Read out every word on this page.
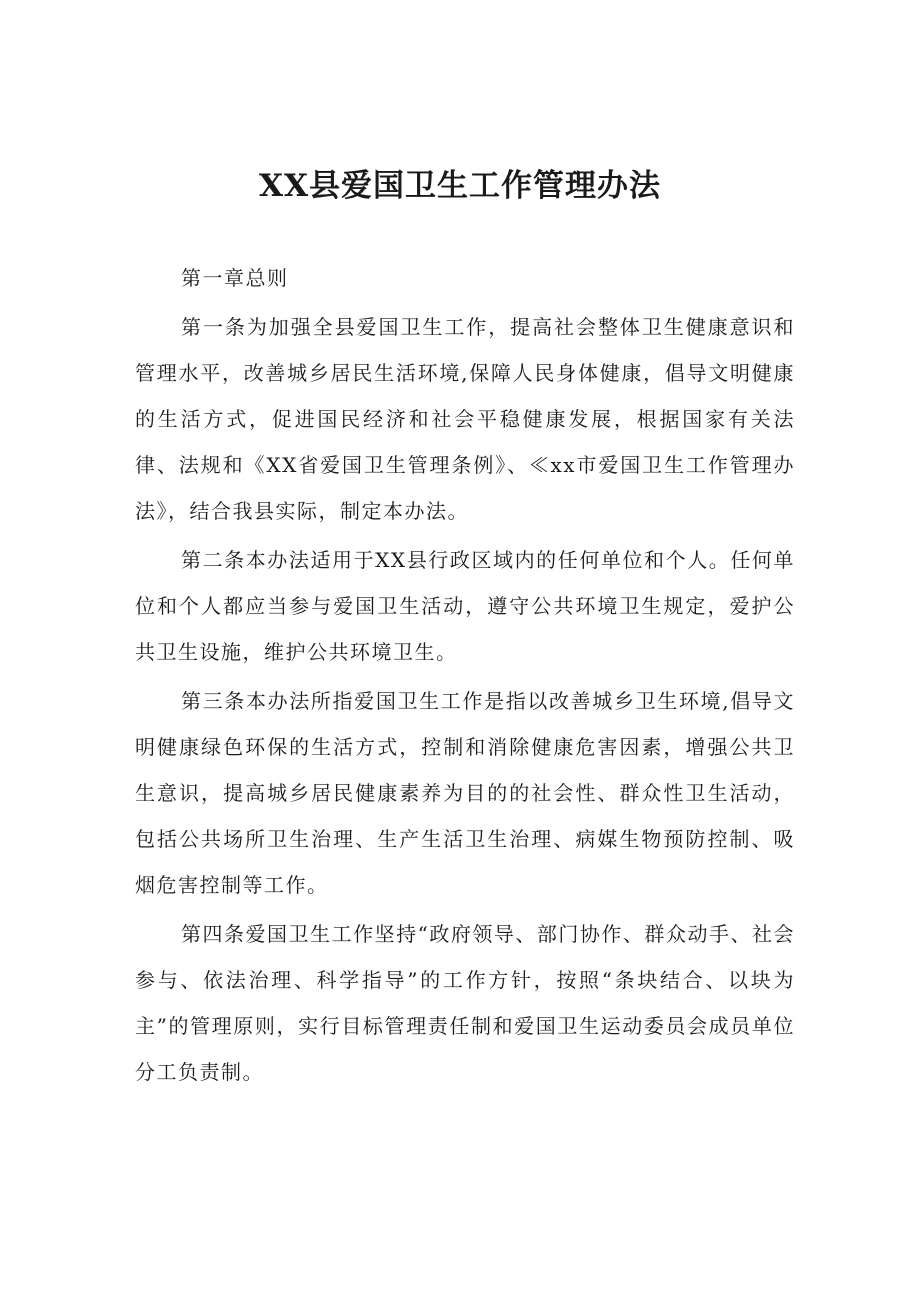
XX县爱国卫生工作管理办法

第一章总则

第一条为加强全县爱国卫生工作，提高社会整体卫生健康意识和管理水平，改善城乡居民生活环境,保障人民身体健康，倡导文明健康的生活方式，促进国民经济和社会平稳健康发展，根据国家有关法律、法规和《XX省爱国卫生管理条例》、≪xx市爱国卫生工作管理办法》，结合我县实际，制定本办法。

第二条本办法适用于XX县行政区域内的任何单位和个人。任何单位和个人都应当参与爱国卫生活动，遵守公共环境卫生规定，爱护公共卫生设施，维护公共环境卫生。

第三条本办法所指爱国卫生工作是指以改善城乡卫生环境,倡导文明健康绿色环保的生活方式，控制和消除健康危害因素，增强公共卫生意识，提高城乡居民健康素养为目的的社会性、群众性卫生活动，包括公共场所卫生治理、生产生活卫生治理、病媒生物预防控制、吸烟危害控制等工作。

第四条爱国卫生工作坚持“政府领导、部门协作、群众动手、社会参与、依法治理、科学指导”的工作方针，按照“条块结合、以块为主”的管理原则，实行目标管理责任制和爱国卫生运动委员会成员单位分工负责制。
